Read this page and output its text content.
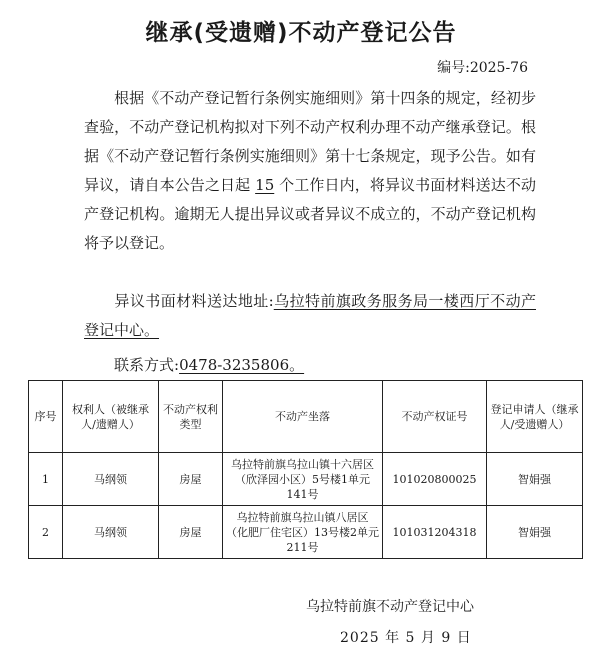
继承(受遗赠)不动产登记公告
编号:2025-76
根据《不动产登记暂行条例实施细则》第十四条的规定，经初步查验，不动产登记机构拟对下列不动产权利办理不动产继承登记。根据《不动产登记暂行条例实施细则》第十七条规定，现予公告。如有异议，请自本公告之日起 15 个工作日内，将异议书面材料送达不动产登记机构。逾期无人提出异议或者异议不成立的，不动产登记机构将予以登记。
异议书面材料送达地址:乌拉特前旗政务服务局一楼西厅不动产登记中心。
联系方式:0478-3235806。
序号	权利人（被继承人/遗赠人）	不动产权利类型	不动产坐落	不动产权证号	登记申请人（继承人/受遗赠人）
1	马纲领	房屋	乌拉特前旗乌拉山镇十六居区（欣泽园小区）5号楼1单元141号	101020800025	智娟强
2	马纲领	房屋	乌拉特前旗乌拉山镇八居区（化肥厂住宅区）13号楼2单元211号	101031204318	智娟强
乌拉特前旗不动产登记中心
2025 年 5 月 9 日
